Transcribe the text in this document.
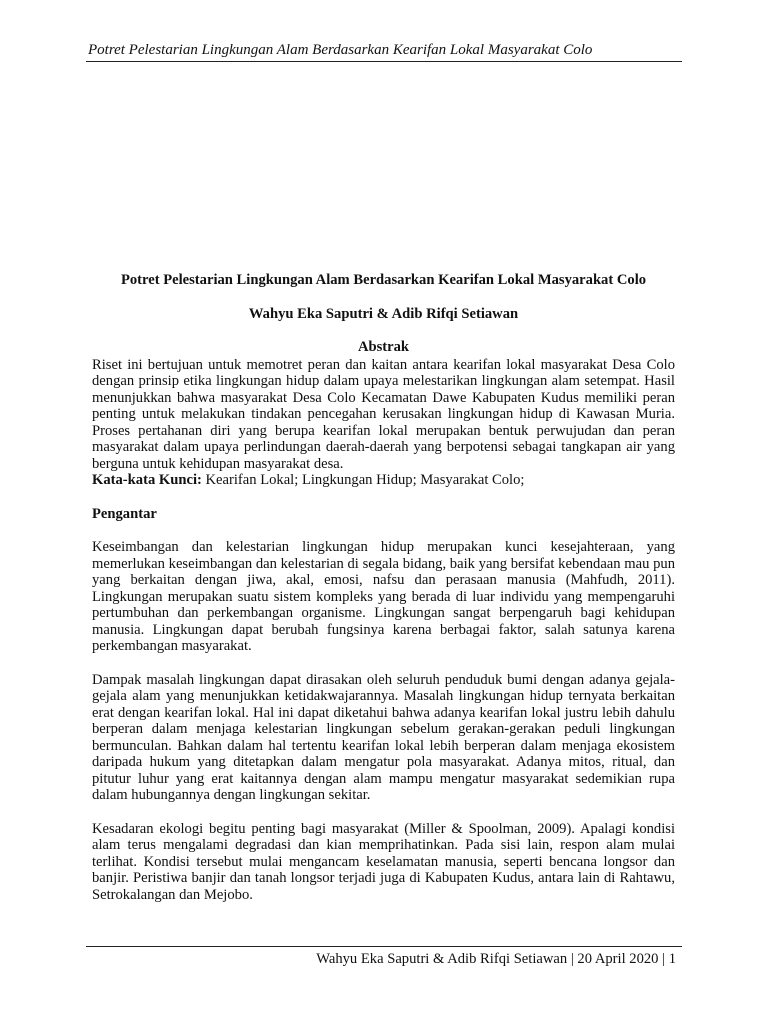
Potret Pelestarian Lingkungan Alam Berdasarkan Kearifan Lokal Masyarakat Colo

Potret Pelestarian Lingkungan Alam Berdasarkan Kearifan Lokal Masyarakat Colo

Wahyu Eka Saputri & Adib Rifqi Setiawan

Abstrak

Riset ini bertujuan untuk memotret peran dan kaitan antara kearifan lokal masyarakat Desa Colo dengan prinsip etika lingkungan hidup dalam upaya melestarikan lingkungan alam setempat. Hasil menunjukkan bahwa masyarakat Desa Colo Kecamatan Dawe Kabupaten Kudus memiliki peran penting untuk melakukan tindakan pencegahan kerusakan lingkungan hidup di Kawasan Muria. Proses pertahanan diri yang berupa kearifan lokal merupakan bentuk perwujudan dan peran masyarakat dalam upaya perlindungan daerah-daerah yang berpotensi sebagai tangkapan air yang berguna untuk kehidupan masyarakat desa.

Kata-kata Kunci: Kearifan Lokal; Lingkungan Hidup; Masyarakat Colo;

Pengantar

Keseimbangan dan kelestarian lingkungan hidup merupakan kunci kesejahteraan, yang memerlukan keseimbangan dan kelestarian di segala bidang, baik yang bersifat kebendaan mau pun yang berkaitan dengan jiwa, akal, emosi, nafsu dan perasaan manusia (Mahfudh, 2011). Lingkungan merupakan suatu sistem kompleks yang berada di luar individu yang mempengaruhi pertumbuhan dan perkembangan organisme. Lingkungan sangat berpengaruh bagi kehidupan manusia. Lingkungan dapat berubah fungsinya karena berbagai faktor, salah satunya karena perkembangan masyarakat.

Dampak masalah lingkungan dapat dirasakan oleh seluruh penduduk bumi dengan adanya gejala-gejala alam yang menunjukkan ketidakwajarannya. Masalah lingkungan hidup ternyata berkaitan erat dengan kearifan lokal. Hal ini dapat diketahui bahwa adanya kearifan lokal justru lebih dahulu berperan dalam menjaga kelestarian lingkungan sebelum gerakan-gerakan peduli lingkungan bermunculan. Bahkan dalam hal tertentu kearifan lokal lebih berperan dalam menjaga ekosistem daripada hukum yang ditetapkan dalam mengatur pola masyarakat. Adanya mitos, ritual, dan pitutur luhur yang erat kaitannya dengan alam mampu mengatur masyarakat sedemikian rupa dalam hubungannya dengan lingkungan sekitar.

Kesadaran ekologi begitu penting bagi masyarakat (Miller & Spoolman, 2009). Apalagi kondisi alam terus mengalami degradasi dan kian memprihatinkan. Pada sisi lain, respon alam mulai terlihat. Kondisi tersebut mulai mengancam keselamatan manusia, seperti bencana longsor dan banjir. Peristiwa banjir dan tanah longsor terjadi juga di Kabupaten Kudus, antara lain di Rahtawu, Setrokalangan dan Mejobo.

Wahyu Eka Saputri & Adib Rifqi Setiawan | 20 April 2020 | 1
